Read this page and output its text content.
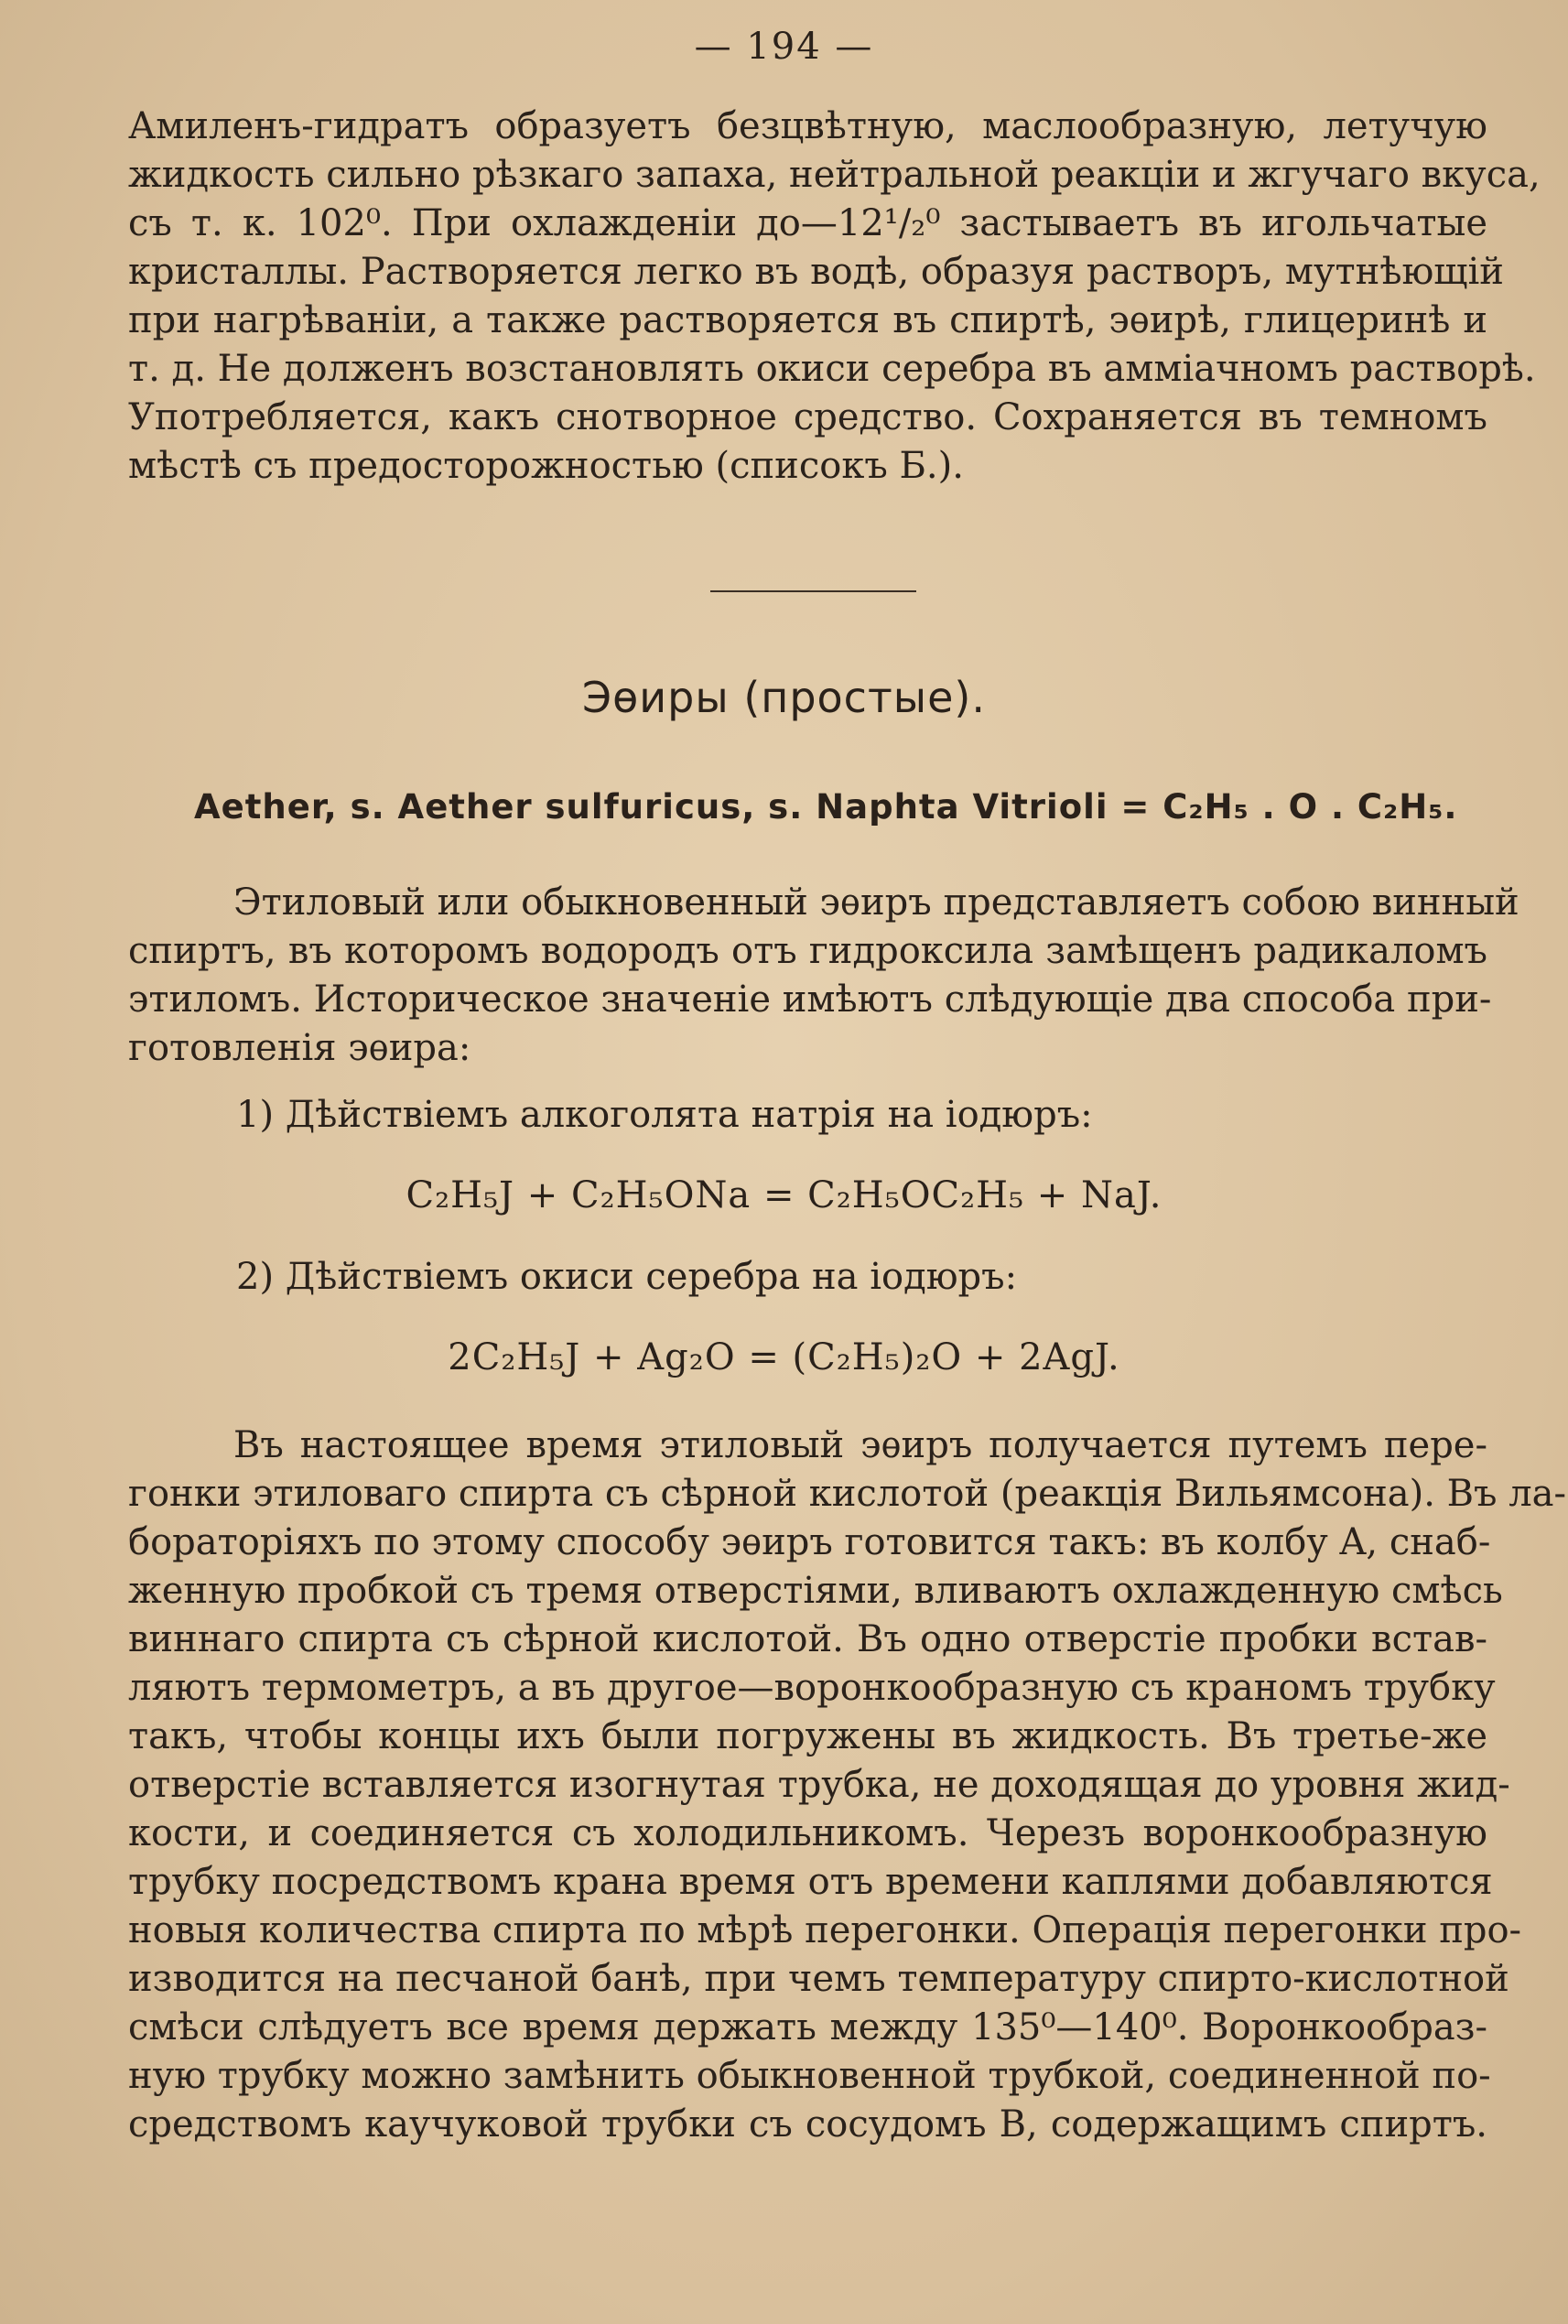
— 194 —
Амиленъ-гидратъ образуетъ безцвѣтную, маслообразную, летучую
жидкость сильно рѣзкаго запаха, нейтральной реакціи и жгучаго вкуса,
съ т. к. 102⁰. При охлажденіи до—12¹/₂⁰ застываетъ въ игольчатые
кристаллы. Растворяется легко въ водѣ, образуя растворъ, мутнѣющій
при нагрѣваніи, а также растворяется въ спиртѣ, эѳирѣ, глицеринѣ и
т. д. Не долженъ возстановлять окиси серебра въ аммiачномъ растворѣ.
Употребляется, какъ снотворное средство. Сохраняется въ темномъ
мѣстѣ съ предосторожностью (списокъ Б.).
Эѳиры (простые).
Aether, s. Aether sulfuricus, s. Naphta Vitrioli = C₂H₅ . O . C₂H₅.
Этиловый или обыкновенный эѳиръ представляетъ собою винный
спиртъ, въ которомъ водородъ отъ гидроксила замѣщенъ радикаломъ
этиломъ. Историческое значеніе имѣютъ слѣдующіе два способа при-
готовленія эѳира:
1) Дѣйствіемъ алкоголята натрія на іодюръ:
C₂H₅J + C₂H₅ONa = C₂H₅OC₂H₅ + NaJ.
2) Дѣйствіемъ окиси серебра на іодюръ:
2C₂H₅J + Ag₂O = (C₂H₅)₂O + 2AgJ.
Въ настоящее время этиловый эѳиръ получается путемъ пере-
гонки этиловаго спирта съ сѣрной кислотой (реакція Вильямсона). Въ ла-
бораторіяхъ по этому способу эѳиръ готовится такъ: въ колбу A, снаб-
женную пробкой съ тремя отверстіями, вливаютъ охлажденную смѣсь
виннаго спирта съ сѣрной кислотой. Въ одно отверстіе пробки встав-
ляютъ термометръ, а въ другое—воронкообразную съ краномъ трубку
такъ, чтобы концы ихъ были погружены въ жидкость. Въ третье-же
отверстіе вставляется изогнутая трубка, не доходящая до уровня жид-
кости, и соединяется съ холодильникомъ. Черезъ воронкообразную
трубку посредствомъ крана время отъ времени каплями добавляются
новыя количества спирта по мѣрѣ перегонки. Операція перегонки про-
изводится на песчаной банѣ, при чемъ температуру спирто-кислотной
смѣси слѣдуетъ все время держать между 135⁰—140⁰. Воронкообраз-
ную трубку можно замѣнить обыкновенной трубкой, соединенной по-
средствомъ каучуковой трубки съ сосудомъ B, содержащимъ спиртъ.
